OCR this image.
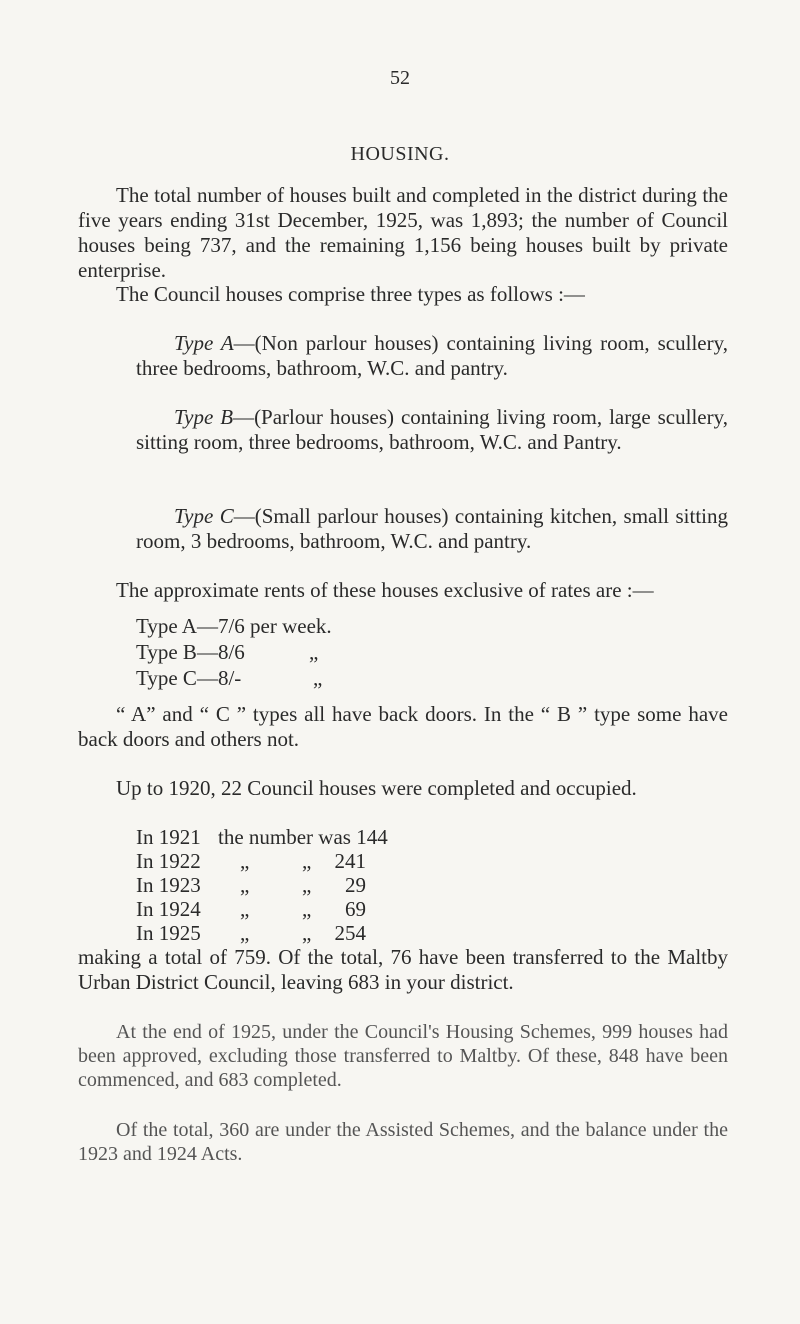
52
HOUSING.

The total number of houses built and completed in the district during the five years ending 31st December, 1925, was 1,893; the number of Council houses being 737, and the remaining 1,156 being houses built by private enterprise.

The Council houses comprise three types as follows :—

Type A—(Non parlour houses) containing living room, scullery, three bedrooms, bathroom, W.C. and pantry.

Type B—(Parlour houses) containing living room, large scullery, sitting room, three bedrooms, bathroom, W.C. and Pantry.

Type C—(Small parlour houses) containing kitchen, small sitting room, 3 bedrooms, bathroom, W.C. and pantry.

The approximate rents of these houses exclusive of rates are :—

Type A—7/6 per week.
Type B—8/6	„
Type C—8/-	„

“ A” and “ C ” types all have back doors. In the “ B ” type some have back doors and others not.

Up to 1920, 22 Council houses were completed and occupied.

In 1921 the number was 144
In 1922 „	„ 241
In 1923 „	„ 29
In 1924 „	„ 69
In 1925 „	„ 254

making a total of 759. Of the total, 76 have been transferred to the Maltby Urban District Council, leaving 683 in your district.

At the end of 1925, under the Council's Housing Schemes, 999 houses had been approved, excluding those transferred to Maltby. Of these, 848 have been commenced, and 683 completed.

Of the total, 360 are under the Assisted Schemes, and the balance under the 1923 and 1924 Acts.
